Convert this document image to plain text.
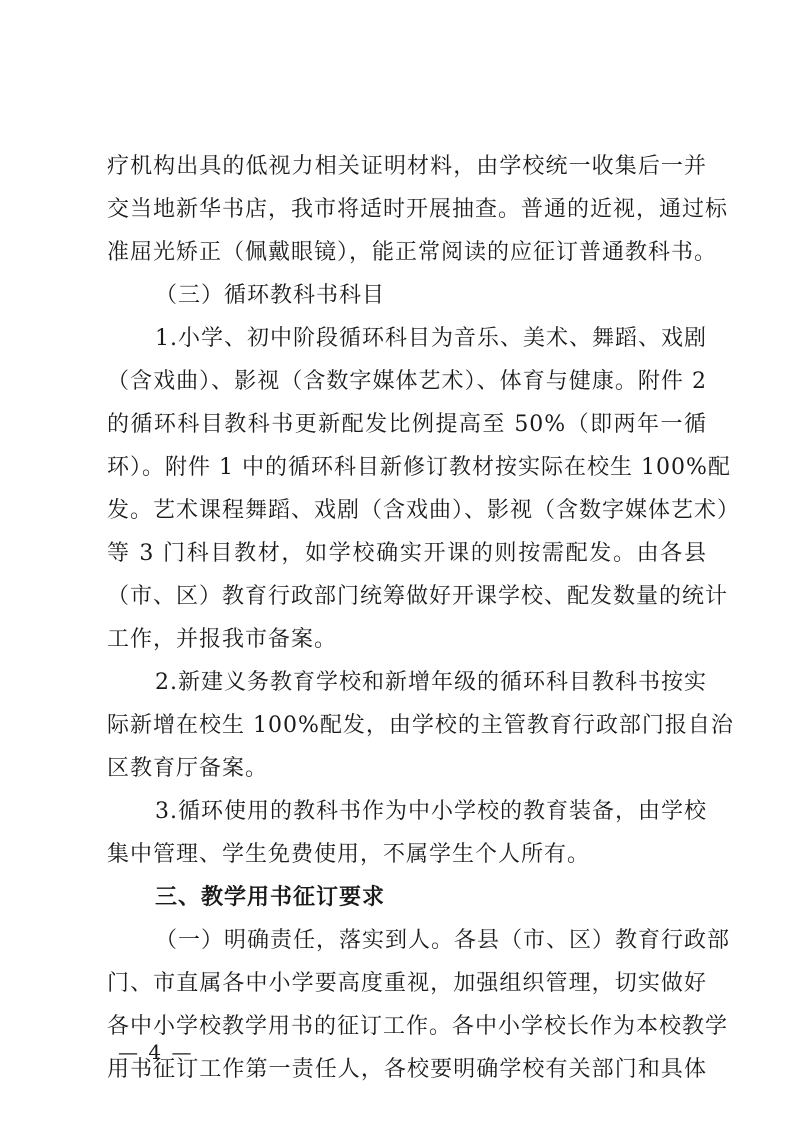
疗机构出具的低视力相关证明材料，由学校统一收集后一并
交当地新华书店，我市将适时开展抽查。普通的近视，通过标
准屈光矫正（佩戴眼镜），能正常阅读的应征订普通教科书。
（三）循环教科书科目
1.小学、初中阶段循环科目为音乐、美术、舞蹈、戏剧
（含戏曲）、影视（含数字媒体艺术）、体育与健康。附件 2
的循环科目教科书更新配发比例提高至 50%（即两年一循
环）。附件 1 中的循环科目新修订教材按实际在校生 100%配
发。艺术课程舞蹈、戏剧（含戏曲）、影视（含数字媒体艺术）
等 3 门科目教材，如学校确实开课的则按需配发。由各县
（市、区）教育行政部门统筹做好开课学校、配发数量的统计
工作，并报我市备案。
2.新建义务教育学校和新增年级的循环科目教科书按实
际新增在校生 100%配发，由学校的主管教育行政部门报自治
区教育厅备案。
3.循环使用的教科书作为中小学校的教育装备，由学校
集中管理、学生免费使用，不属学生个人所有。
三、教学用书征订要求
（一）明确责任，落实到人。各县（市、区）教育行政部
门、市直属各中小学要高度重视，加强组织管理，切实做好
各中小学校教学用书的征订工作。各中小学校长作为本校教学
用书征订工作第一责任人，各校要明确学校有关部门和具体
— 4 —
